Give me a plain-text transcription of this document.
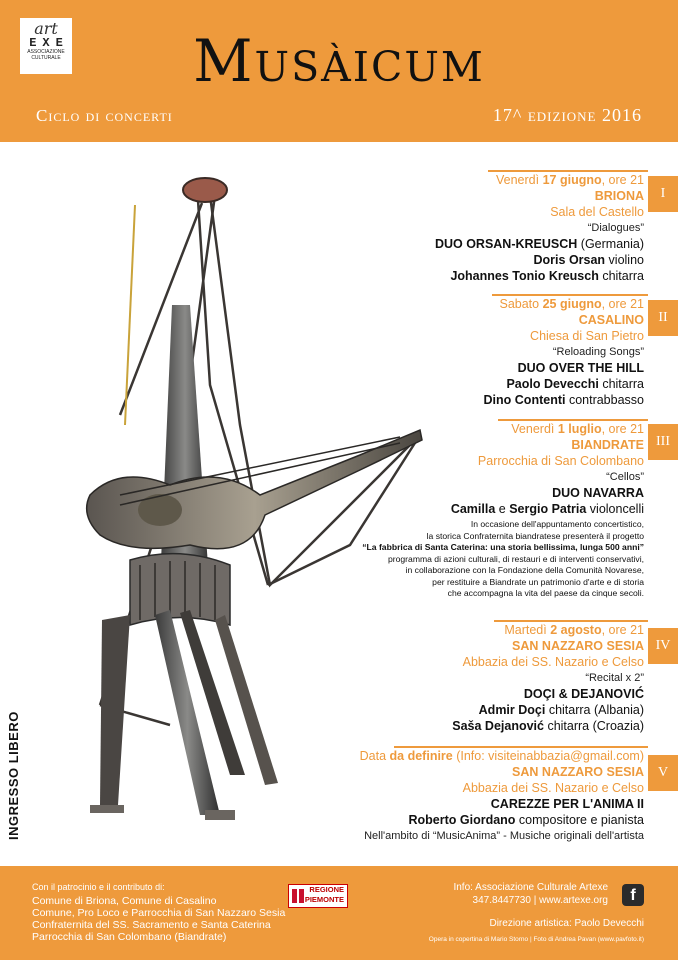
art
EXE
ASSOCIAZIONE CULTURALE	Musàicum
Ciclo di concerti	17^ edizione 2016
INGRESSO LIBERO
Venerdì 17 giugno, ore 21
BRIONA
Sala del Castello
“Dialogues”
DUO ORSAN-KREUSCH (Germania)
Doris Orsan violino
Johannes Tonio Kreusch chitarra
I
Sabato 25 giugno, ore 21
CASALINO
Chiesa di San Pietro
“Reloading Songs”
DUO OVER THE HILL
Paolo Devecchi chitarra
Dino Contenti contrabbasso
II
Venerdì 1 luglio, ore 21
BIANDRATE
Parrocchia di San Colombano
“Cellos”
DUO NAVARRA
Camilla e Sergio Patria violoncelli
In occasione dell'appuntamento concertistico,
la storica Confraternita biandratese presenterà il progetto
“La fabbrica di Santa Caterina: una storia bellissima, lunga 500 anni”
programma di azioni culturali, di restauri e di interventi conservativi,
in collaborazione con la Fondazione della Comunità Novarese,
per restituire a Biandrate un patrimonio d'arte e di storia
che accompagna la vita del paese da cinque secoli.
III
Martedì 2 agosto, ore 21
SAN NAZZARO SESIA
Abbazia dei SS. Nazario e Celso
“Recital x 2”
DOÇI & DEJANOVIĆ
Admir Doçi chitarra (Albania)
Saša Dejanović chitarra (Croazia)
IV
Data da definire (Info: visiteinabbazia@gmail.com)
SAN NAZZARO SESIA
Abbazia dei SS. Nazario e Celso
CAREZZE PER L'ANIMA II
Roberto Giordano compositore e pianista
Nell'ambito di “MusicAnima” - Musiche originali dell'artista
V
Con il patrocinio e il contributo di:
Comune di Briona, Comune di Casalino
Comune, Pro Loco e Parrocchia di San Nazzaro Sesia
Confraternita del SS. Sacramento e Santa Caterina
Parrocchia di San Colombano (Biandrate)
REGIONE
PIEMONTE
Info: Associazione Culturale Artexe
347.8447730 | www.artexe.org	f
Direzione artistica: Paolo Devecchi
Opera in copertina di Mario Storno | Foto di Andrea Pavan (www.pavfoto.it)
